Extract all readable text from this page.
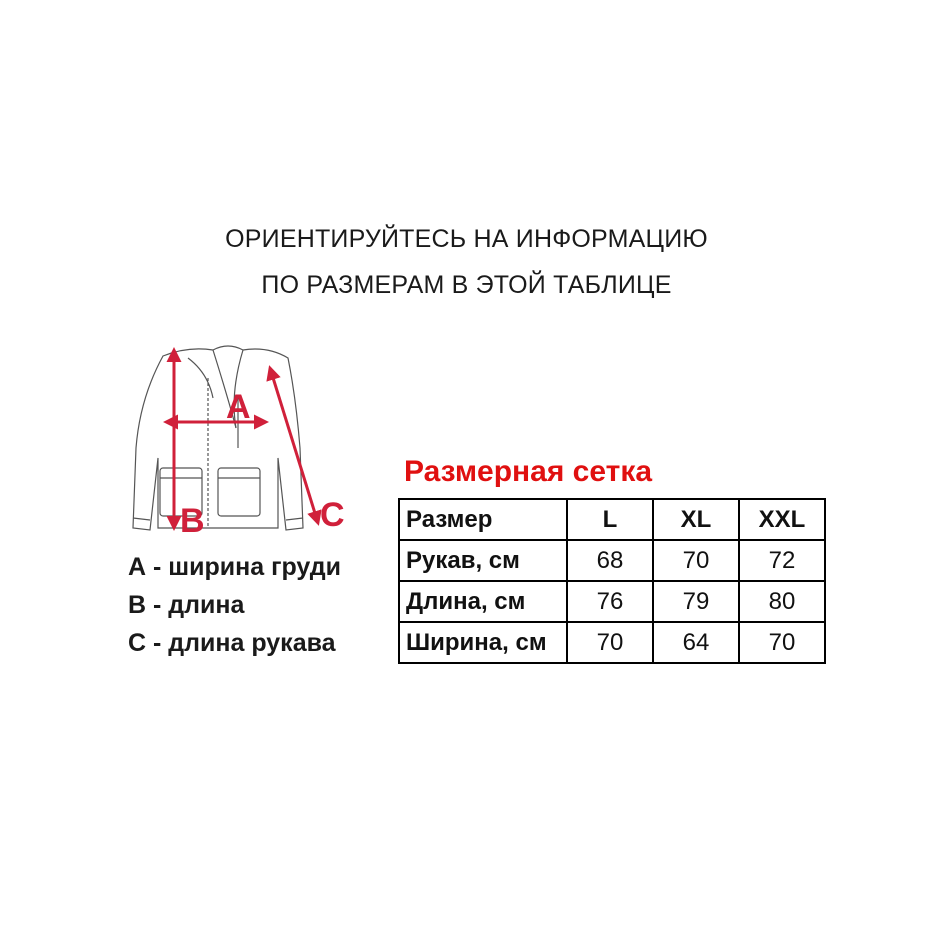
ОРИЕНТИРУЙТЕСЬ НА ИНФОРМАЦИЮ
ПО РАЗМЕРАМ В ЭТОЙ ТАБЛИЦЕ
A
B	C
А - ширина груди
В - длина
С - длина рукава
Размерная сетка
Размер	L	XL	XXL
Рукав, см	68	70	72
Длина, см	76	79	80
Ширина, см	70	64	70
